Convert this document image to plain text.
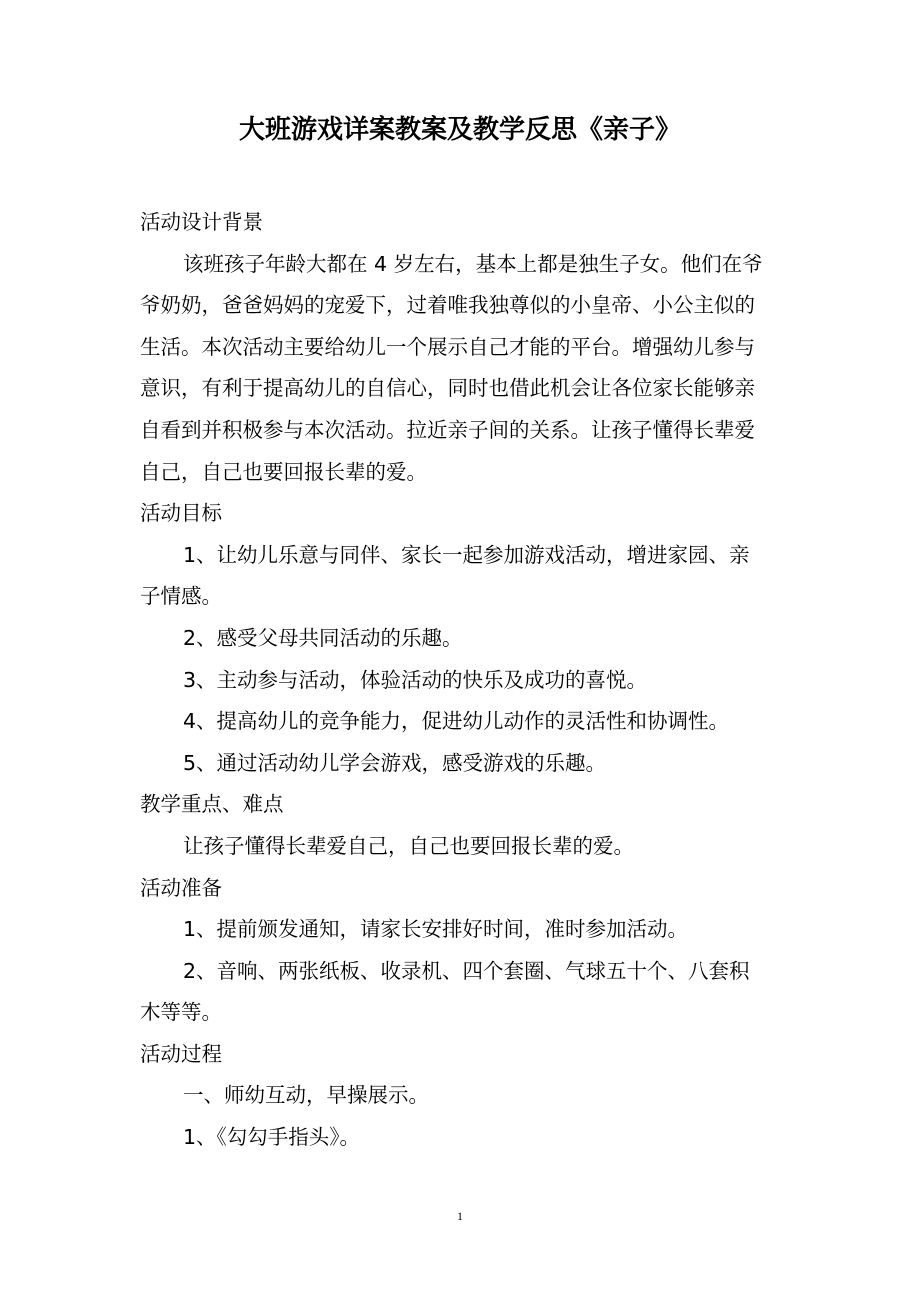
大班游戏详案教案及教学反思《亲子》
活动设计背景
该班孩子年龄大都在 4 岁左右，基本上都是独生子女。他们在爷
爷奶奶，爸爸妈妈的宠爱下，过着唯我独尊似的小皇帝、小公主似的
生活。本次活动主要给幼儿一个展示自己才能的平台。增强幼儿参与
意识，有利于提高幼儿的自信心，同时也借此机会让各位家长能够亲
自看到并积极参与本次活动。拉近亲子间的关系。让孩子懂得长辈爱
自己，自己也要回报长辈的爱。
活动目标
1、让幼儿乐意与同伴、家长一起参加游戏活动，增进家园、亲
子情感。
2、感受父母共同活动的乐趣。
3、主动参与活动，体验活动的快乐及成功的喜悦。
4、提高幼儿的竞争能力，促进幼儿动作的灵活性和协调性。
5、通过活动幼儿学会游戏，感受游戏的乐趣。
教学重点、难点
让孩子懂得长辈爱自己，自己也要回报长辈的爱。
活动准备
1、提前颁发通知，请家长安排好时间，准时参加活动。
2、音响、两张纸板、收录机、四个套圈、气球五十个、八套积
木等等。
活动过程
一、师幼互动，早操展示。
1、《勾勾手指头》。
1
